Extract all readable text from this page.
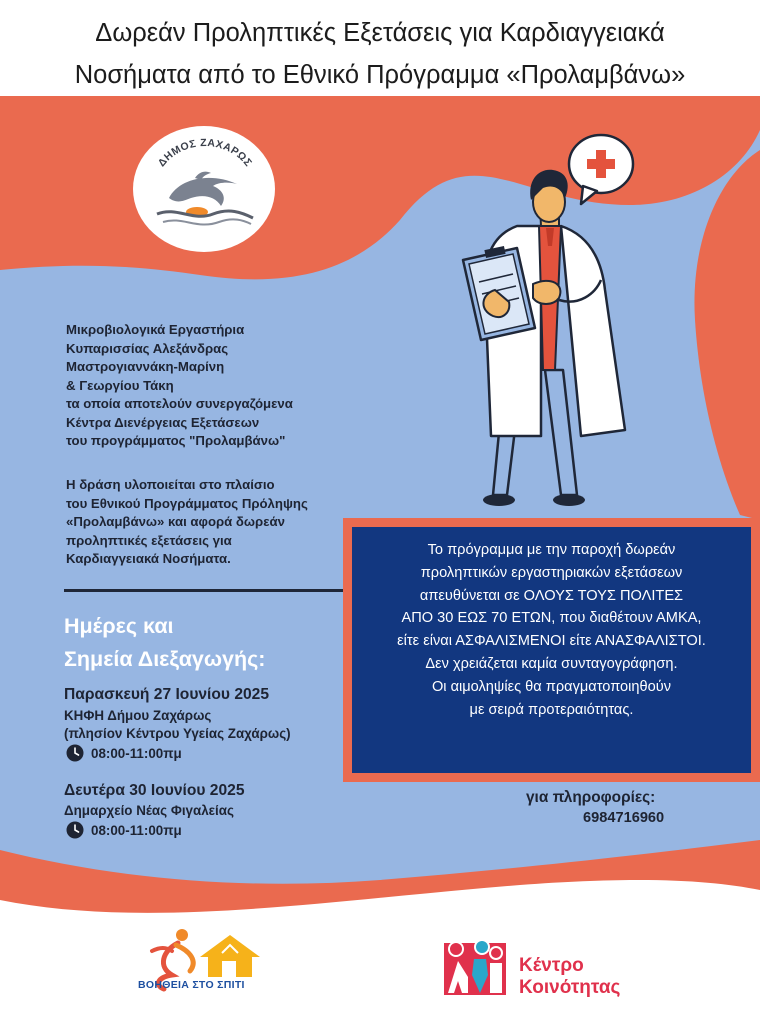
Δωρεάν Προληπτικές Εξετάσεις για Καρδιαγγειακά
Νοσήματα από το Εθνικό Πρόγραμμα «Προλαμβάνω»
ΔΗΜΟΣ ΖΑΧΑΡΩΣ
Μικροβιολογικά Εργαστήρια
Κυπαρισσίας Αλεξάνδρας
Μαστρογιαννάκη-Μαρίνη
& Γεωργίου Τάκη
τα οποία αποτελούν συνεργαζόμενα
Κέντρα Διενέργειας Εξετάσεων
του προγράμματος "Προλαμβάνω"
Η δράση υλοποιείται στο πλαίσιο
του Εθνικού Προγράμματος Πρόληψης
«Προλαμβάνω» και αφορά δωρεάν
προληπτικές εξετάσεις για
Καρδιαγγειακά Νοσήματα.
Ημέρες και
Σημεία Διεξαγωγής:
Παρασκευή 27 Ιουνίου 2025
ΚΗΦΗ Δήμου Ζαχάρως
(πλησίον Κέντρου Υγείας Ζαχάρως)
08:00-11:00πμ
Δευτέρα 30 Ιουνίου 2025
Δημαρχείο Νέας Φιγαλείας
08:00-11:00πμ
Το πρόγραμμα με την παροχή δωρεάν
προληπτικών εργαστηριακών εξετάσεων
απευθύνεται σε ΟΛΟΥΣ ΤΟΥΣ ΠΟΛΙΤΕΣ
ΑΠΟ 30 ΕΩΣ 70 ΕΤΩΝ, που διαθέτουν ΑΜΚΑ,
είτε είναι ΑΣΦΑΛΙΣΜΕΝΟΙ είτε ΑΝΑΣΦΑΛΙΣΤΟΙ.
Δεν χρειάζεται καμία συνταγογράφηση.
Οι αιμοληψίες θα πραγματοποιηθούν
με σειρά προτεραιότητας.
για πληροφορίες:
6984716960
ΒΟΗΘΕΙΑ ΣΤΟ ΣΠΙΤΙ
Κέντρο
Κοινότητας
